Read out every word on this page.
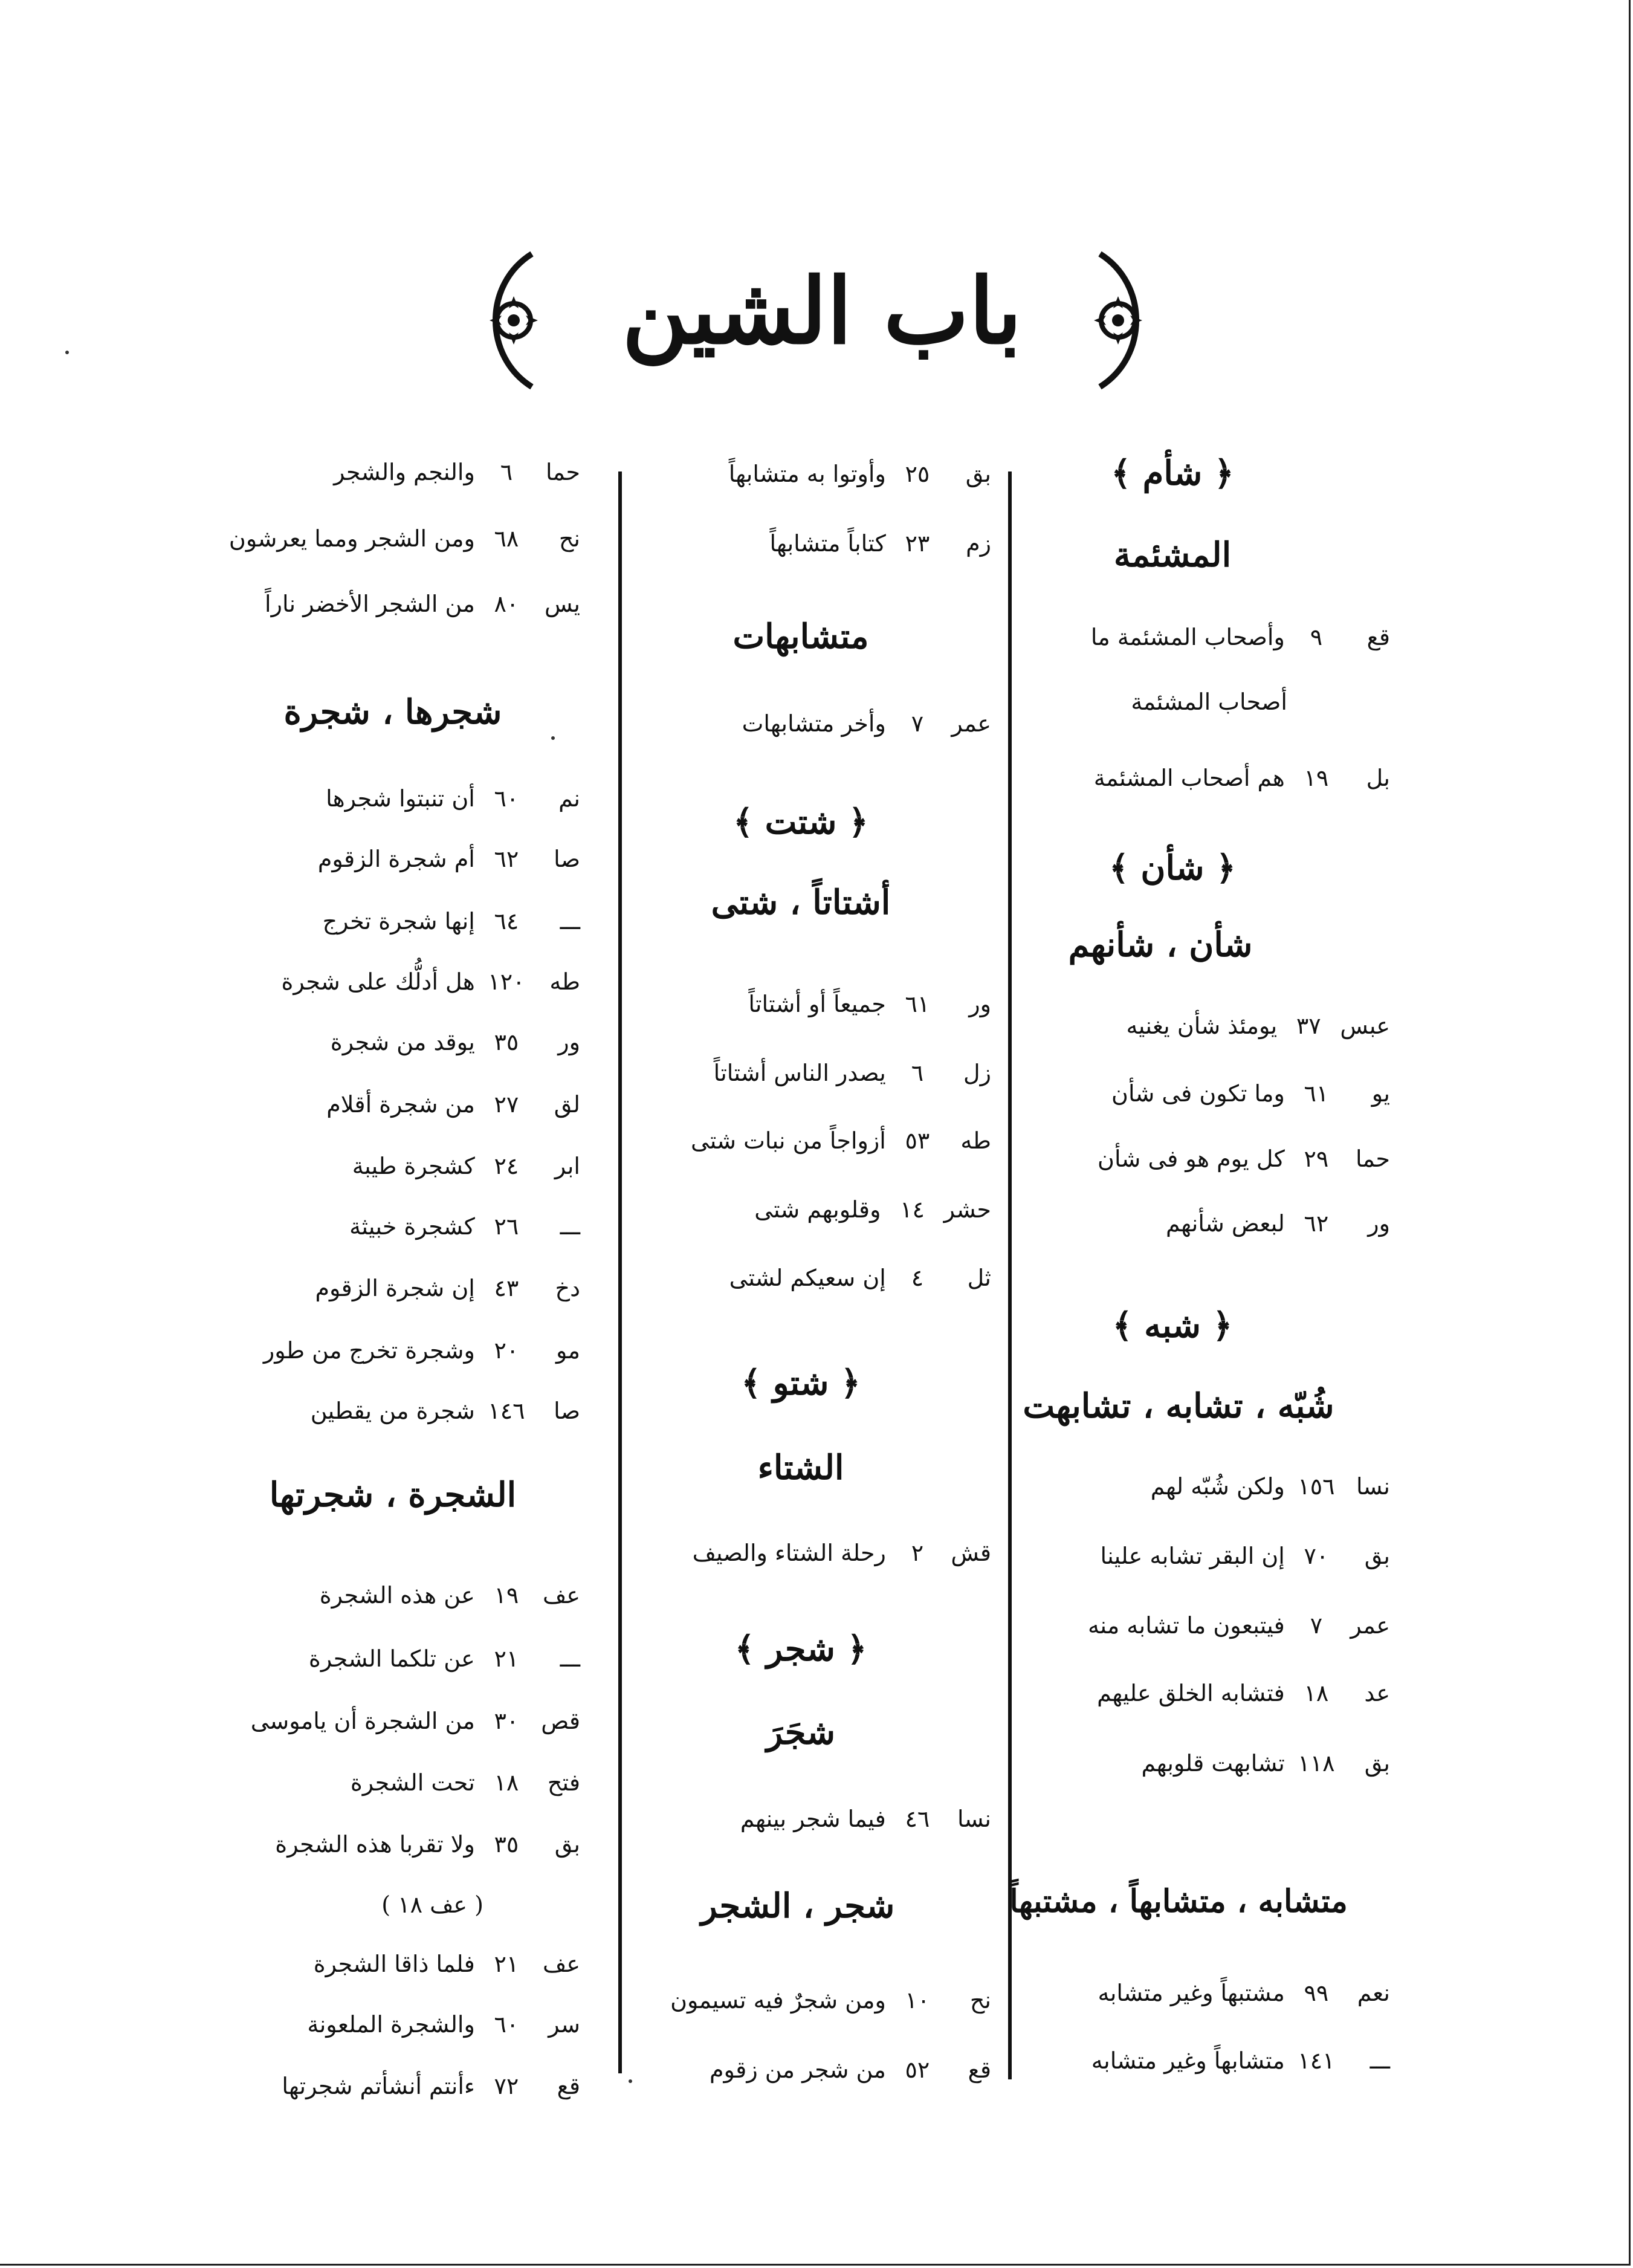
باب الشين
﴿ شأم ﴾
المشئمة
قع ٩ وأصحاب المشئمة ما
أصحاب المشئمة
بل ١٩ هم أصحاب المشئمة
﴿ شأن ﴾
شأن ، شأنهم
عبس ٣٧ يومئذ شأن يغنيه
يو ٦١ وما تكون فى شأن
حما ٢٩ كل يوم هو فى شأن
ور ٦٢ لبعض شأنهم
﴿ شبه ﴾
شُبّه ، تشابه ، تشابهت
نسا ١٥٦ ولكن شُبّه لهم
بق ٧٠ إن البقر تشابه علينا
عمر ٧ فيتبعون ما تشابه منه
عد ١٨ فتشابه الخلق عليهم
بق ١١٨ تشابهت قلوبهم
متشابه ، متشابهاً ، مشتبهاً
نعم ٩٩ مشتبهاً وغير متشابه
ـــ ١٤١ متشابهاً وغير متشابه
بق ٢٥ وأوتوا به متشابهاً
زم ٢٣ كتاباً متشابهاً
متشابهات
عمر ٧ وأخر متشابهات
﴿ شتت ﴾
أشتاتاً ، شتى
ور ٦١ جميعاً أو أشتاتاً
زل ٦ يصدر الناس أشتاتاً
طه ٥٣ أزواجاً من نبات شتى
حشر ١٤ وقلوبهم شتى
ثل ٤ إن سعيكم لشتى
﴿ شتو ﴾
الشتاء
قش ٢ رحلة الشتاء والصيف
﴿ شجر ﴾
شجَرَ
نسا ٤٦ فيما شجر بينهم
شجر ، الشجر
نح ١٠ ومن شجرٌ فيه تسيمون
قع ٥٢ من شجر من زقوم
حما ٦ والنجم والشجر
نح ٦٨ ومن الشجر ومما يعرشون
يس ٨٠ من الشجر الأخضر ناراً
شجرها ، شجرة
نم ٦٠ أن تنبتوا شجرها
صا ٦٢ أم شجرة الزقوم
ـــ ٦٤ إنها شجرة تخرج
طه ١٢٠ هل أدلُّك على شجرة
ور ٣٥ يوقد من شجرة
لق ٢٧ من شجرة أقلام
ابر ٢٤ كشجرة طيبة
ـــ ٢٦ كشجرة خبيثة
دخ ٤٣ إن شجرة الزقوم
مو ٢٠ وشجرة تخرج من طور
صا ١٤٦ شجرة من يقطين
الشجرة ، شجرتها
عف ١٩ عن هذه الشجرة
ـــ ٢١ عن تلكما الشجرة
قص ٣٠ من الشجرة أن ياموسى
فتح ١٨ تحت الشجرة
بق ٣٥ ولا تقربا هذه الشجرة
( عف ١٨ )
عف ٢١ فلما ذاقا الشجرة
سر ٦٠ والشجرة الملعونة
قع ٧٢ ءأنتم أنشأتم شجرتها
